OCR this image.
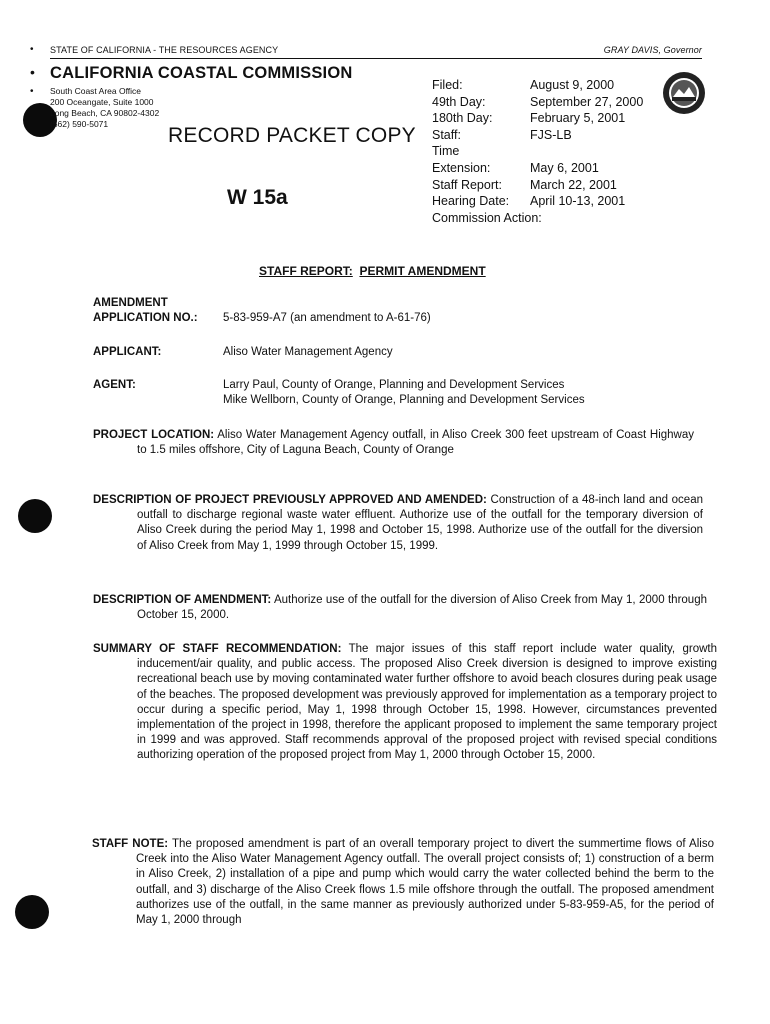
•
•
•
STATE OF CALIFORNIA - THE RESOURCES AGENCY	GRAY DAVIS, Governor
CALIFORNIA COASTAL COMMISSION
South Coast Area Office
200 Oceangate, Suite 1000
Long Beach, CA 90802-4302
(562) 590-5071	RECORD PACKET COPY
W 15a
Filed:	August 9, 2000
49th Day:	September 27, 2000
180th Day:	February 5, 2001
Staff:	FJS-LB
Time
Extension:	May 6, 2001
Staff Report:	March 22, 2001
Hearing Date:	April 10-13, 2001
Commission Action:
STAFF REPORT: PERMIT AMENDMENT
AMENDMENT
APPLICATION NO.: 5-83-959-A7 (an amendment to A-61-76)
APPLICANT:	Aliso Water Management Agency
AGENT:	Larry Paul, County of Orange, Planning and Development Services
Mike Wellborn, County of Orange, Planning and Development Services
PROJECT LOCATION: Aliso Water Management Agency outfall, in Aliso Creek 300 feet upstream of Coast Highway to 1.5 miles offshore, City of Laguna Beach, County of Orange
DESCRIPTION OF PROJECT PREVIOUSLY APPROVED AND AMENDED: Construction of a 48-inch land and ocean outfall to discharge regional waste water effluent. Authorize use of the outfall for the temporary diversion of Aliso Creek during the period May 1, 1998 and October 15, 1998. Authorize use of the outfall for the diversion of Aliso Creek from May 1, 1999 through October 15, 1999.
DESCRIPTION OF AMENDMENT: Authorize use of the outfall for the diversion of Aliso Creek from May 1, 2000 through October 15, 2000.
SUMMARY OF STAFF RECOMMENDATION: The major issues of this staff report include water quality, growth inducement/air quality, and public access. The proposed Aliso Creek diversion is designed to improve existing recreational beach use by moving contaminated water further offshore to avoid beach closures during peak usage of the beaches. The proposed development was previously approved for implementation as a temporary project to occur during a specific period, May 1, 1998 through October 15, 1998. However, circumstances prevented implementation of the project in 1998, therefore the applicant proposed to implement the same temporary project in 1999 and was approved. Staff recommends approval of the proposed project with revised special conditions authorizing operation of the proposed project from May 1, 2000 through October 15, 2000.
STAFF NOTE: The proposed amendment is part of an overall temporary project to divert the summertime flows of Aliso Creek into the Aliso Water Management Agency outfall. The overall project consists of; 1) construction of a berm in Aliso Creek, 2) installation of a pipe and pump which would carry the water collected behind the berm to the outfall, and 3) discharge of the Aliso Creek flows 1.5 mile offshore through the outfall. The proposed amendment authorizes use of the outfall, in the same manner as previously authorized under 5-83-959-A5, for the period of May 1, 2000 through
